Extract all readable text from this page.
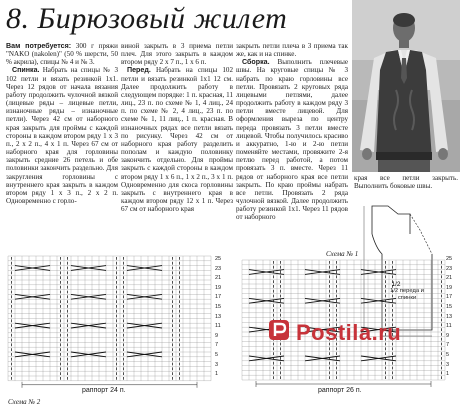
8. Бирюзовый жилет

Вам потребуется: 300 г пряжи "NAKO (nakolen)" (50 % шерсти, 50 % акрила), спицы № 4 и № 3.

Спинка. Набрать на спицы № 3 102 петли и вязать резинкой 1х1. Через 12 рядов от начала вязания работу продолжить чулочной вязкой (лицевые ряды – лицевые петли, изнаночные ряды – изнаночные петли). Через 42 см от наборного края закрыть для проймы с каждой стороны в каждом втором ряду 1 х 3 п., 2 х 2 п., 4 х 1 п. Через 67 см от наборного края для горловины закрыть средние 26 петель и обе половинки закончить раздельно. Для закругления горловины с внутреннего края закрыть в каждом втором ряду 1 х 3 п., 2 х 2 п. Одновременно с горло-

виной закрыть в 3 приема петли плеч. Для этого закрыть в каждом втором ряду 2 х 7 п., 1 х 6 п.

Перед. Набрать на спицы 102 петли и вязать резинкой 1х1 12 см. Далее продолжить работу в следующем порядке: 1 п. красная, 11 лиц., 23 п. по схеме № 1, 4 лиц., 24 п. по схеме № 2, 4 лиц., 23 п. по схеме № 1, 11 лиц., 1 п. красная. В изнаночных рядах все петли вязать по рисунку. Через 42 см от наборного края работу разделить пополам и каждую половинку закончить отдельно. Для проймы закрыть с каждой стороны в каждом втором ряду 1 х 6 п., 1 х 2 п., 3 х 1 п. Одновременно для скоса горловины закрыть с внутреннего края в каждом втором ряду 12 х 1 п. Через 67 см от наборного края

закрыть петли плеча в 3 приема так же, как и на спинке.

Сборка. Выполнить плечевые швы. На круговые спицы № 3 набрать по краю горловины все петли. Провязать 2 круговых ряда лицевыми петлями, далее продолжить работу в каждом ряду 3 петли вместе лицевой. Для оформления выреза по центру переда провязать 3 петли вместе лицевой. Чтобы получилось красиво и аккуратно, 1-ю и 2-ю петли поменяйте местами, провяжите 2-я петлю перед работой, а потом провязать 3 п. вместе. Через 11 рядов от наборного края все петли закрыть. По краю проймы набрать все петли. Провязать 2 ряда чулочной вязкой. Далее продолжить работу резинкой 1х1. Через 11 рядов от наборного

края все петли закрыть. Выполнить боковые швы.

1/2
1/2 переда и спинки
25
23
21
19
17
15
13
11
9
7
5
3
1
раппорт 24 п.
Схема № 2
Схема № 1
25
23
21
19
17
15
13
11
9
7
5
3
1
раппорт 26 п.
Postila.ru
